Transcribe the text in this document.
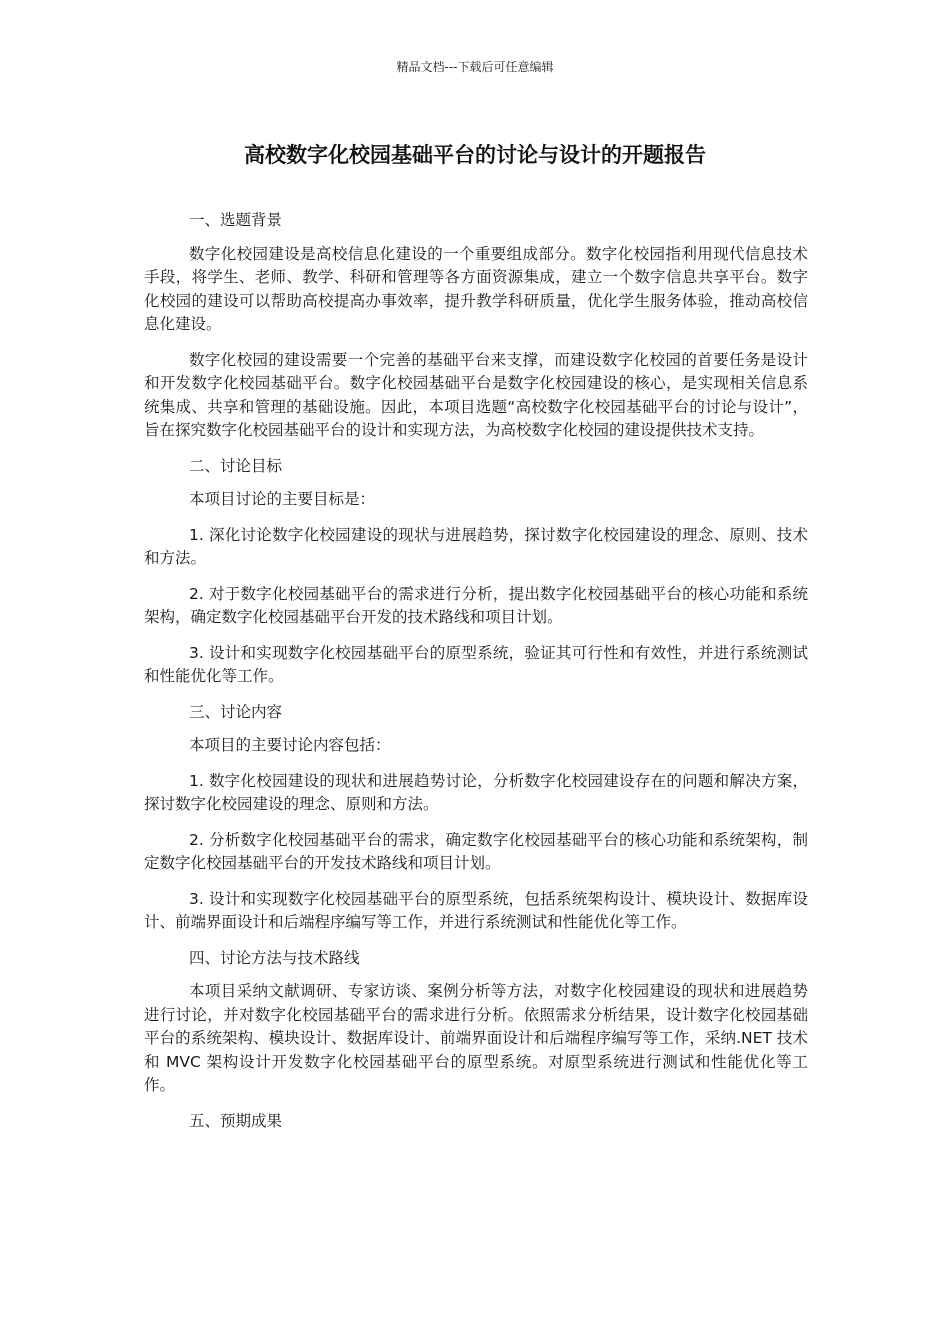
精品文档---下载后可任意编辑
高校数字化校园基础平台的讨论与设计的开题报告

一、选题背景

数字化校园建设是高校信息化建设的一个重要组成部分。数字化校园指利用现代信息技术手段，将学生、老师、教学、科研和管理等各方面资源集成，建立一个数字信息共享平台。数字化校园的建设可以帮助高校提高办事效率，提升教学科研质量，优化学生服务体验，推动高校信息化建设。

数字化校园的建设需要一个完善的基础平台来支撑，而建设数字化校园的首要任务是设计和开发数字化校园基础平台。数字化校园基础平台是数字化校园建设的核心，是实现相关信息系统集成、共享和管理的基础设施。因此，本项目选题“高校数字化校园基础平台的讨论与设计”，旨在探究数字化校园基础平台的设计和实现方法，为高校数字化校园的建设提供技术支持。

二、讨论目标

本项目讨论的主要目标是：

1. 深化讨论数字化校园建设的现状与进展趋势，探讨数字化校园建设的理念、原则、技术和方法。

2. 对于数字化校园基础平台的需求进行分析，提出数字化校园基础平台的核心功能和系统架构，确定数字化校园基础平台开发的技术路线和项目计划。

3. 设计和实现数字化校园基础平台的原型系统，验证其可行性和有效性，并进行系统测试和性能优化等工作。

三、讨论内容

本项目的主要讨论内容包括：

1. 数字化校园建设的现状和进展趋势讨论，分析数字化校园建设存在的问题和解决方案，探讨数字化校园建设的理念、原则和方法。

2. 分析数字化校园基础平台的需求，确定数字化校园基础平台的核心功能和系统架构，制定数字化校园基础平台的开发技术路线和项目计划。

3. 设计和实现数字化校园基础平台的原型系统，包括系统架构设计、模块设计、数据库设计、前端界面设计和后端程序编写等工作，并进行系统测试和性能优化等工作。

四、讨论方法与技术路线

本项目采纳文献调研、专家访谈、案例分析等方法，对数字化校园建设的现状和进展趋势进行讨论，并对数字化校园基础平台的需求进行分析。依照需求分析结果，设计数字化校园基础平台的系统架构、模块设计、数据库设计、前端界面设计和后端程序编写等工作，采纳.NET 技术和 MVC 架构设计开发数字化校园基础平台的原型系统。对原型系统进行测试和性能优化等工作。

五、预期成果
